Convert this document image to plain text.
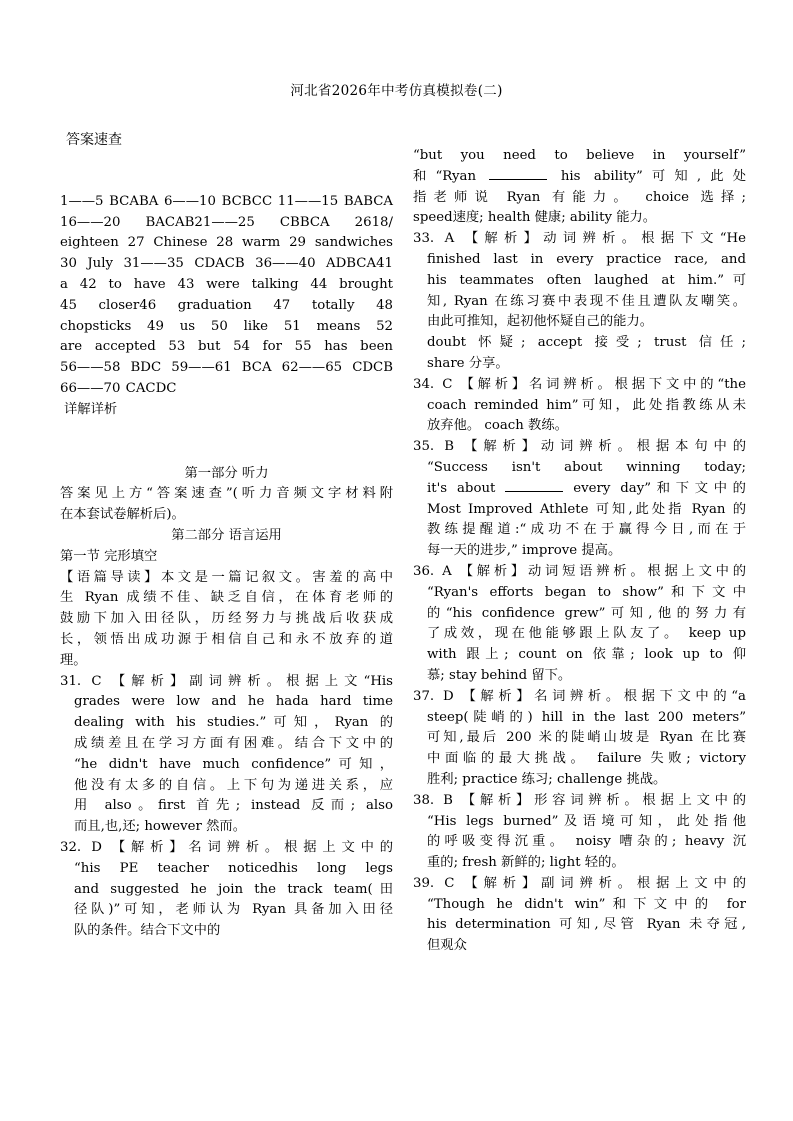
河北省2026年中考仿真模拟卷(二)
答案速查
1——5 BCABA 6——10 BCBCC 11——15 BABCA
16——20 BACAB21——25 CBBCA 2618/
eighteen 27 Chinese 28 warm 29 sandwiches
30 July 31——35 CDACB 36——40 ADBCA41
a 42 to have 43 were talking 44 brought
45 closer46 graduation 47 totally 48
chopsticks 49 us 50 like 51 means 52
are accepted 53 but 54 for 55 has been
56——58 BDC 59——61 BCA 62——65 CDCB
66——70 CACDC
详解详析
第一部分 听力
答案见上方“答案速查”(听力音频文字材料附
在本套试卷解析后)。
第二部分 语言运用
第一节 完形填空
【语篇导读】本文是一篇记叙文。害羞的高中
生 Ryan 成绩不佳、缺乏自信，在体育老师的
鼓励下加入田径队，历经努力与挑战后收获成
长，领悟出成功源于相信自己和永不放弃的道
理。
31. C 【解析】副词辨析。根据上文“His
grades were low and he hada hard time
dealing with his studies.”可知，Ryan 的
成绩差且在学习方面有困难。结合下文中的
“he didn't have much confidence”可知，
他没有太多的自信。上下句为递进关系，应
用 also。first 首先; instead 反而; also
而且,也,还; however 然而。
32. D 【解析】名词辨析。根据上文中的
“his PE teacher noticedhis long legs
and suggested he join the track team(田
径队)”可知，老师认为 Ryan 具备加入田径
队的条件。结合下文中的
“but you need to believe in yourself”
和“Ryan	his ability”可知,此处
指老师说 Ryan 有能力。 choice 选择;
speed速度; health 健康; ability 能力。
33. A 【解析】动词辨析。根据下文“He
finished last in every practice race, and
his teammates often laughed at him.”可
知, Ryan 在练习赛中表现不佳且遭队友嘲笑。
由此可推知，起初他怀疑自己的能力。
doubt 怀疑; accept 接受; trust 信任;
share 分享。
34. C 【解析】名词辨析。根据下文中的“the
coach reminded him”可知，此处指教练从未
放弃他。 coach 教练。
35. B 【解析】动词辨析。根据本句中的
“Success isn't about winning today;
it's about	every day”和下文中的
Most Improved Athlete 可知,此处指 Ryan 的
教练提醒道:“成功不在于赢得今日,而在于
每一天的进步,” improve 提高。
36. A 【解析】动词短语辨析。根据上文中的
“Ryan's efforts began to show”和下文中
的“his confidence grew”可知,他的努力有
了成效，现在他能够跟上队友了。 keep up
with 跟上; count on 依靠; look up to 仰
慕; stay behind 留下。
37. D 【解析】名词辨析。根据下文中的“a
steep(陡峭的) hill in the last 200 meters”
可知,最后 200 米的陡峭山坡是 Ryan 在比赛
中面临的最大挑战。 failure 失败; victory
胜利; practice 练习; challenge 挑战。
38. B 【解析】形容词辨析。根据上文中的
“His legs burned”及语境可知，此处指他
的呼吸变得沉重。 noisy 嘈杂的; heavy 沉
重的; fresh 新鲜的; light 轻的。
39. C 【解析】副词辨析。根据上文中的
“Though he didn't win”和下文中的 for
his determination 可知,尽管 Ryan 未夺冠,
但观众
